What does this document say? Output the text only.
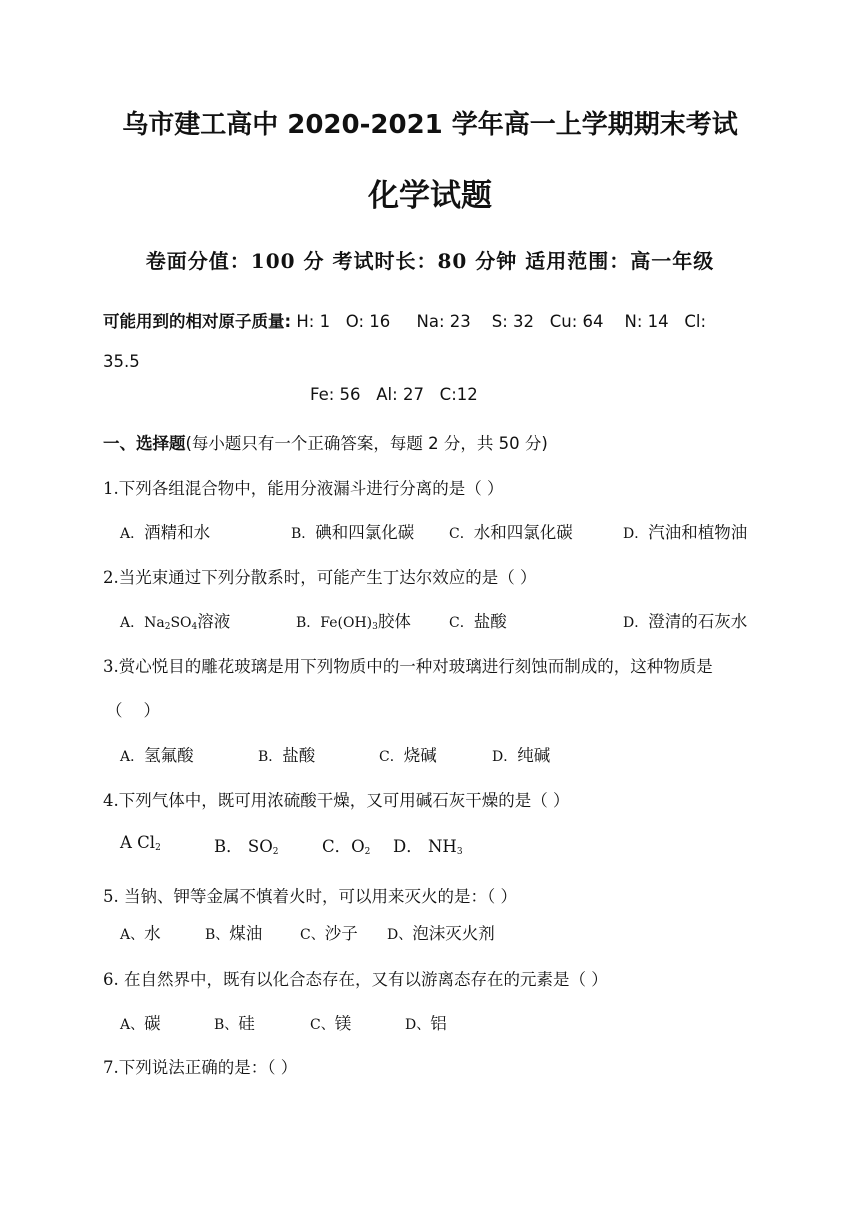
乌市建工高中 2020-2021 学年高一上学期期末考试
化学试题
卷面分值：100 分 考试时长：80 分钟 适用范围：高一年级
可能用到的相对原子质量: H: 1   O: 16     Na: 23    S: 32   Cu: 64    N: 14   Cl:
35.5
Fe: 56   Al: 27   C:12
一、选择题(每小题只有一个正确答案，每题 2 分，共 50 分)
1.下列各组混合物中，能用分液漏斗进行分离的是（ ）
A．酒精和水	B．碘和四氯化碳 C．水和四氯化碳	D．汽油和植物油
2.当光束通过下列分散系时，可能产生丁达尔效应的是（ ）
A．$Na_2SO_4$溶液	B．$Fe(OH)_3$胶体	C．盐酸	D．澄清的石灰水
3.赏心悦目的雕花玻璃是用下列物质中的一种对玻璃进行刻蚀而制成的，这种物质是
（    ）
A．氢氟酸	B．盐酸	C．烧碱	D．纯碱
4.下列气体中，既可用浓硫酸干燥，又可用碱石灰干燥的是（ ）
A $Cl_2$	B． $SO_2$	C．$O_2$ D． $NH_3$
5. 当钠、钾等金属不慎着火时，可以用来灭火的是：（ ）
A、水	B、煤油	C、沙子 D、泡沫灭火剂
6. 在自然界中，既有以化合态存在，又有以游离态存在的元素是（ ）
A、碳	B、硅	C、镁	D、铝
7.下列说法正确的是：（ ）
